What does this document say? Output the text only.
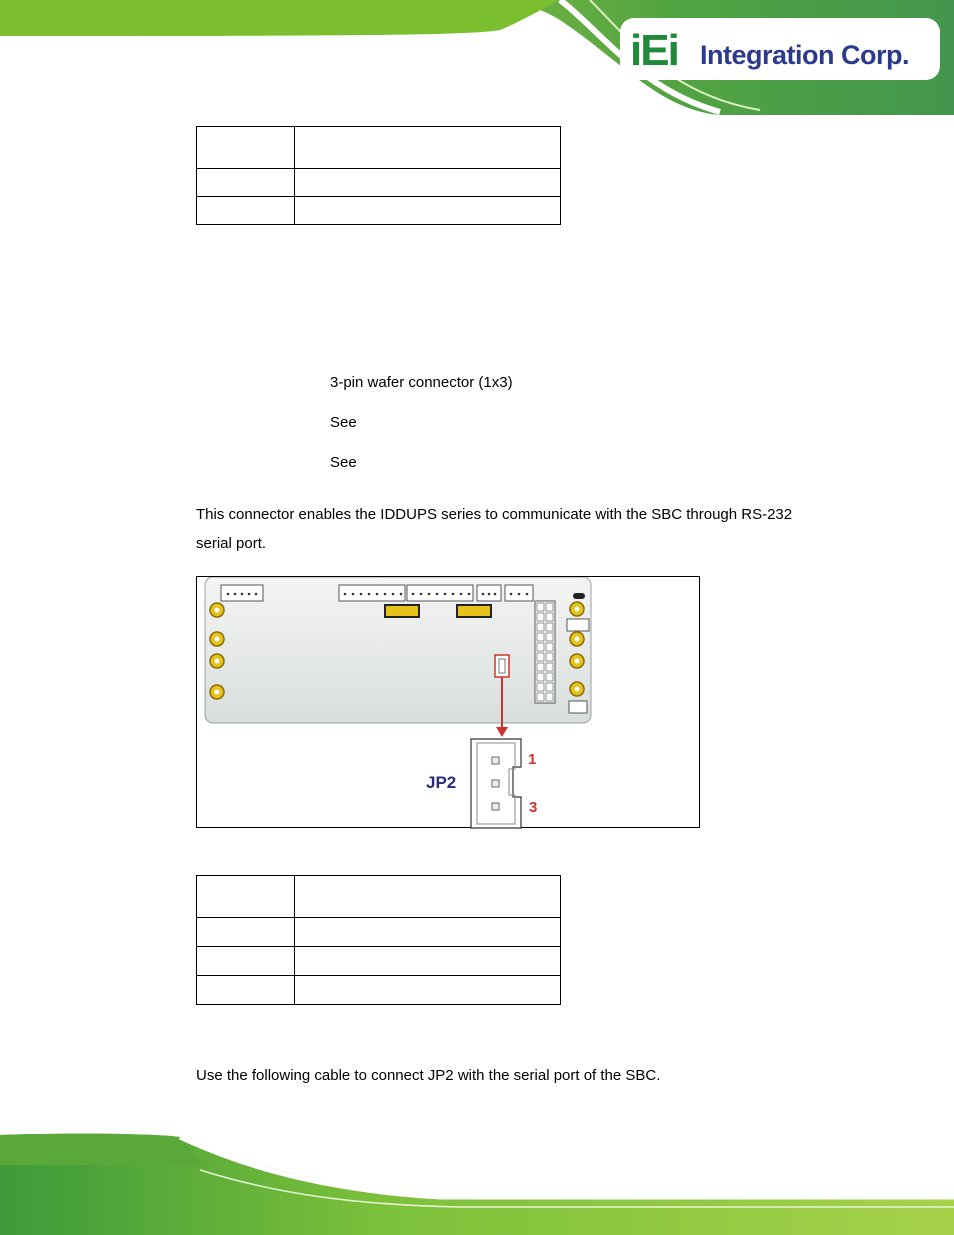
iEi Integration Corp.

3-pin wafer connector (1x3)
See
See
This connector enables the IDDUPS series to communicate with the SBC through RS-232
serial port.
JP2
1
3

Use the following cable to connect JP2 with the serial port of the SBC.
